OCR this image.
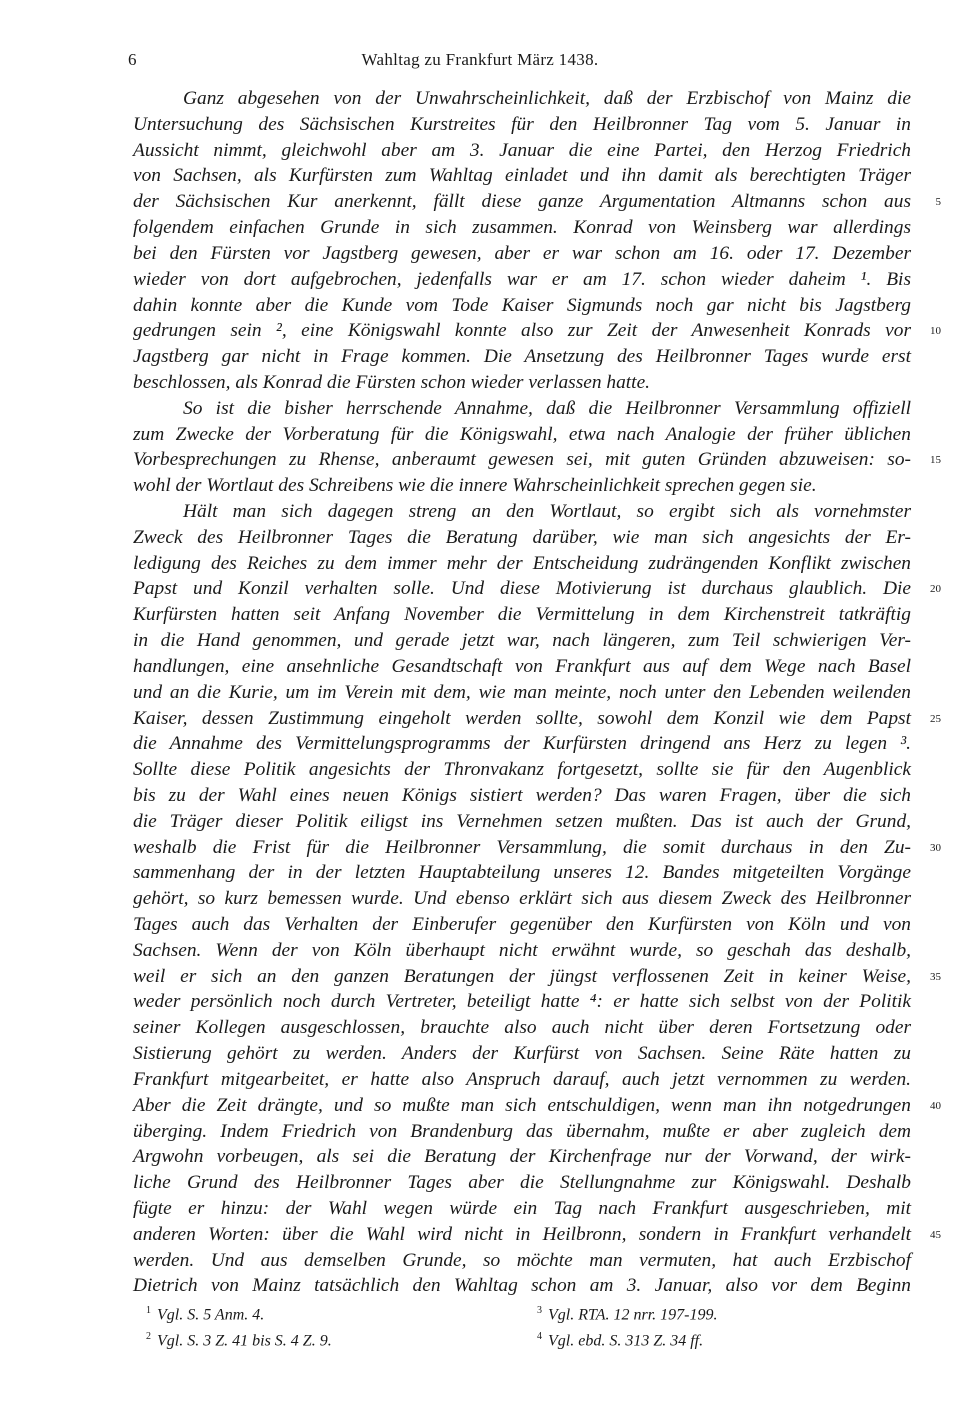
6	Wahltag zu Frankfurt März 1438.
Ganz abgesehen von der Unwahrscheinlichkeit, daß der Erzbischof von Mainz die
Untersuchung des Sächsischen Kurstreites für den Heilbronner Tag vom 5. Januar in
Aussicht nimmt, gleichwohl aber am 3. Januar die eine Partei, den Herzog Friedrich
von Sachsen, als Kurfürsten zum Wahltag einladet und ihn damit als berechtigten Träger
der Sächsischen Kur anerkennt, fällt diese ganze Argumentation Altmanns schon aus 5
folgendem einfachen Grunde in sich zusammen. Konrad von Weinsberg war allerdings
bei den Fürsten vor Jagstberg gewesen, aber er war schon am 16. oder 17. Dezember
wieder von dort aufgebrochen, jedenfalls war er am 17. schon wieder daheim ¹. Bis
dahin konnte aber die Kunde vom Tode Kaiser Sigmunds noch gar nicht bis Jagstberg
gedrungen sein ², eine Königswahl konnte also zur Zeit der Anwesenheit Konrads vor 10
Jagstberg gar nicht in Frage kommen. Die Ansetzung des Heilbronner Tages wurde erst
beschlossen, als Konrad die Fürsten schon wieder verlassen hatte.
So ist die bisher herrschende Annahme, daß die Heilbronner Versammlung offiziell
zum Zwecke der Vorberatung für die Königswahl, etwa nach Analogie der früher üblichen
Vorbesprechungen zu Rhense, anberaumt gewesen sei, mit guten Gründen abzuweisen: so- 15
wohl der Wortlaut des Schreibens wie die innere Wahrscheinlichkeit sprechen gegen sie.
Hält man sich dagegen streng an den Wortlaut, so ergibt sich als vornehmster
Zweck des Heilbronner Tages die Beratung darüber, wie man sich angesichts der Er-
ledigung des Reiches zu dem immer mehr der Entscheidung zudrängenden Konflikt zwischen
Papst und Konzil verhalten solle. Und diese Motivierung ist durchaus glaublich. Die 20
Kurfürsten hatten seit Anfang November die Vermittelung in dem Kirchenstreit tatkräftig
in die Hand genommen, und gerade jetzt war, nach längeren, zum Teil schwierigen Ver-
handlungen, eine ansehnliche Gesandtschaft von Frankfurt aus auf dem Wege nach Basel
und an die Kurie, um im Verein mit dem, wie man meinte, noch unter den Lebenden weilenden
Kaiser, dessen Zustimmung eingeholt werden sollte, sowohl dem Konzil wie dem Papst 25
die Annahme des Vermittelungsprogramms der Kurfürsten dringend ans Herz zu legen ³.
Sollte diese Politik angesichts der Thronvakanz fortgesetzt, sollte sie für den Augenblick
bis zu der Wahl eines neuen Königs sistiert werden? Das waren Fragen, über die sich
die Träger dieser Politik eiligst ins Vernehmen setzen mußten. Das ist auch der Grund,
weshalb die Frist für die Heilbronner Versammlung, die somit durchaus in den Zu- 30
sammenhang der in der letzten Hauptabteilung unseres 12. Bandes mitgeteilten Vorgänge
gehört, so kurz bemessen wurde. Und ebenso erklärt sich aus diesem Zweck des Heilbronner
Tages auch das Verhalten der Einberufer gegenüber den Kurfürsten von Köln und von
Sachsen. Wenn der von Köln überhaupt nicht erwähnt wurde, so geschah das deshalb,
weil er sich an den ganzen Beratungen der jüngst verflossenen Zeit in keiner Weise, 35
weder persönlich noch durch Vertreter, beteiligt hatte ⁴: er hatte sich selbst von der Politik
seiner Kollegen ausgeschlossen, brauchte also auch nicht über deren Fortsetzung oder
Sistierung gehört zu werden. Anders der Kurfürst von Sachsen. Seine Räte hatten zu
Frankfurt mitgearbeitet, er hatte also Anspruch darauf, auch jetzt vernommen zu werden.
Aber die Zeit drängte, und so mußte man sich entschuldigen, wenn man ihn notgedrungen 40
überging. Indem Friedrich von Brandenburg das übernahm, mußte er aber zugleich dem
Argwohn vorbeugen, als sei die Beratung der Kirchenfrage nur der Vorwand, der wirk-
liche Grund des Heilbronner Tages aber die Stellungnahme zur Königswahl. Deshalb
fügte er hinzu: der Wahl wegen würde ein Tag nach Frankfurt ausgeschrieben, mit
anderen Worten: über die Wahl wird nicht in Heilbronn, sondern in Frankfurt verhandelt 45
werden. Und aus demselben Grunde, so möchte man vermuten, hat auch Erzbischof
Dietrich von Mainz tatsächlich den Wahltag schon am 3. Januar, also vor dem Beginn
$^1$ Vgl. S. 5 Anm. 4.
$^2$ Vgl. S. 3 Z. 41 bis S. 4 Z. 9.
$^3$ Vgl. RTA. 12 nrr. 197-199.
$^4$ Vgl. ebd. S. 313 Z. 34 ff.
